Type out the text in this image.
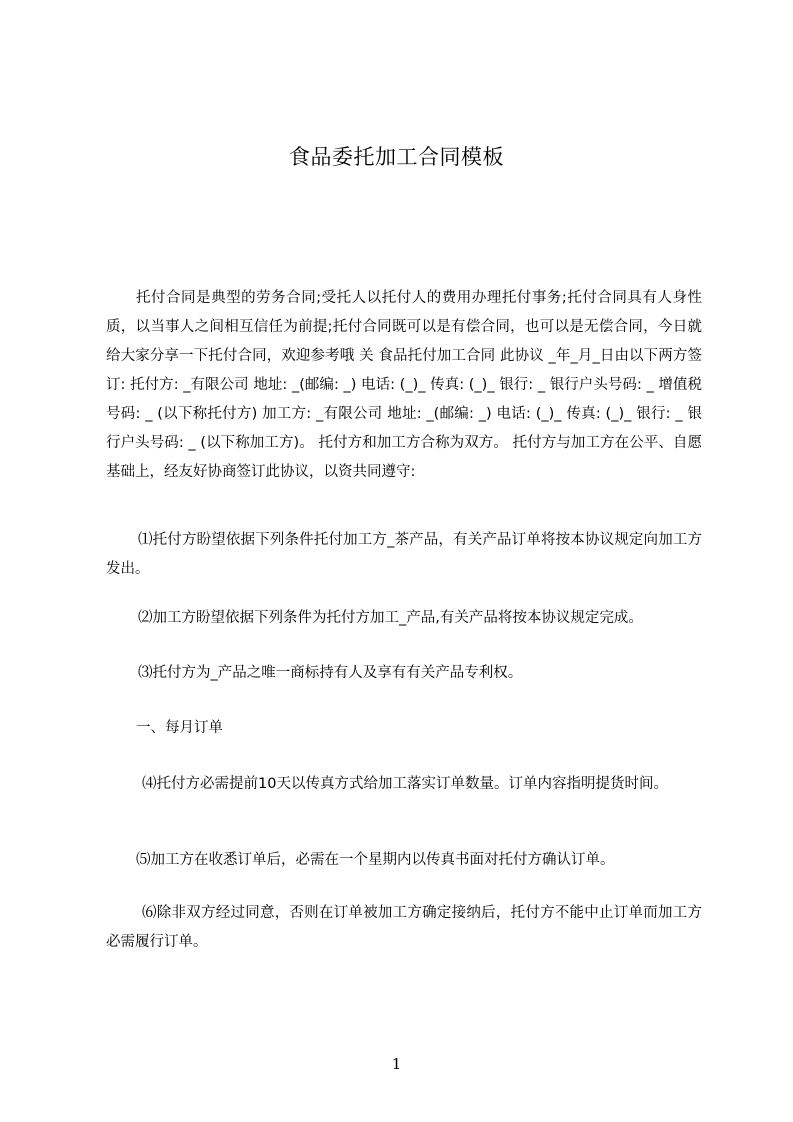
食品委托加工合同模板

托付合同是典型的劳务合同;受托人以托付人的费用办理托付事务;托付合同具有人身性质，以当事人之间相互信任为前提;托付合同既可以是有偿合同，也可以是无偿合同，今日就给大家分享一下托付合同，欢迎参考哦 关 食品托付加工合同 此协议 _年_月_日由以下两方签订: 托付方: _有限公司 地址: _(邮编: _) 电话: (_)_ 传真: (_)_ 银行: _ 银行户头号码: _ 增值税号码: _ (以下称托付方) 加工方: _有限公司 地址: _(邮编: _) 电话: (_)_ 传真: (_)_ 银行: _ 银行户头号码: _ (以下称加工方)。 托付方和加工方合称为双方。 托付方与加工方在公平、自愿基础上，经友好协商签订此协议，以资共同遵守:

⑴托付方盼望依据下列条件托付加工方_茶产品，有关产品订单将按本协议规定向加工方发出。

⑵加工方盼望依据下列条件为托付方加工_产品,有关产品将按本协议规定完成。

⑶托付方为_产品之唯一商标持有人及享有有关产品专利权。

一、每月订单

⑷托付方必需提前10天以传真方式给加工落实订单数量。订单内容指明提货时间。

⑸加工方在收悉订单后，必需在一个星期内以传真书面对托付方确认订单。

⑹除非双方经过同意，否则在订单被加工方确定接纳后，托付方不能中止订单而加工方必需履行订单。

1
